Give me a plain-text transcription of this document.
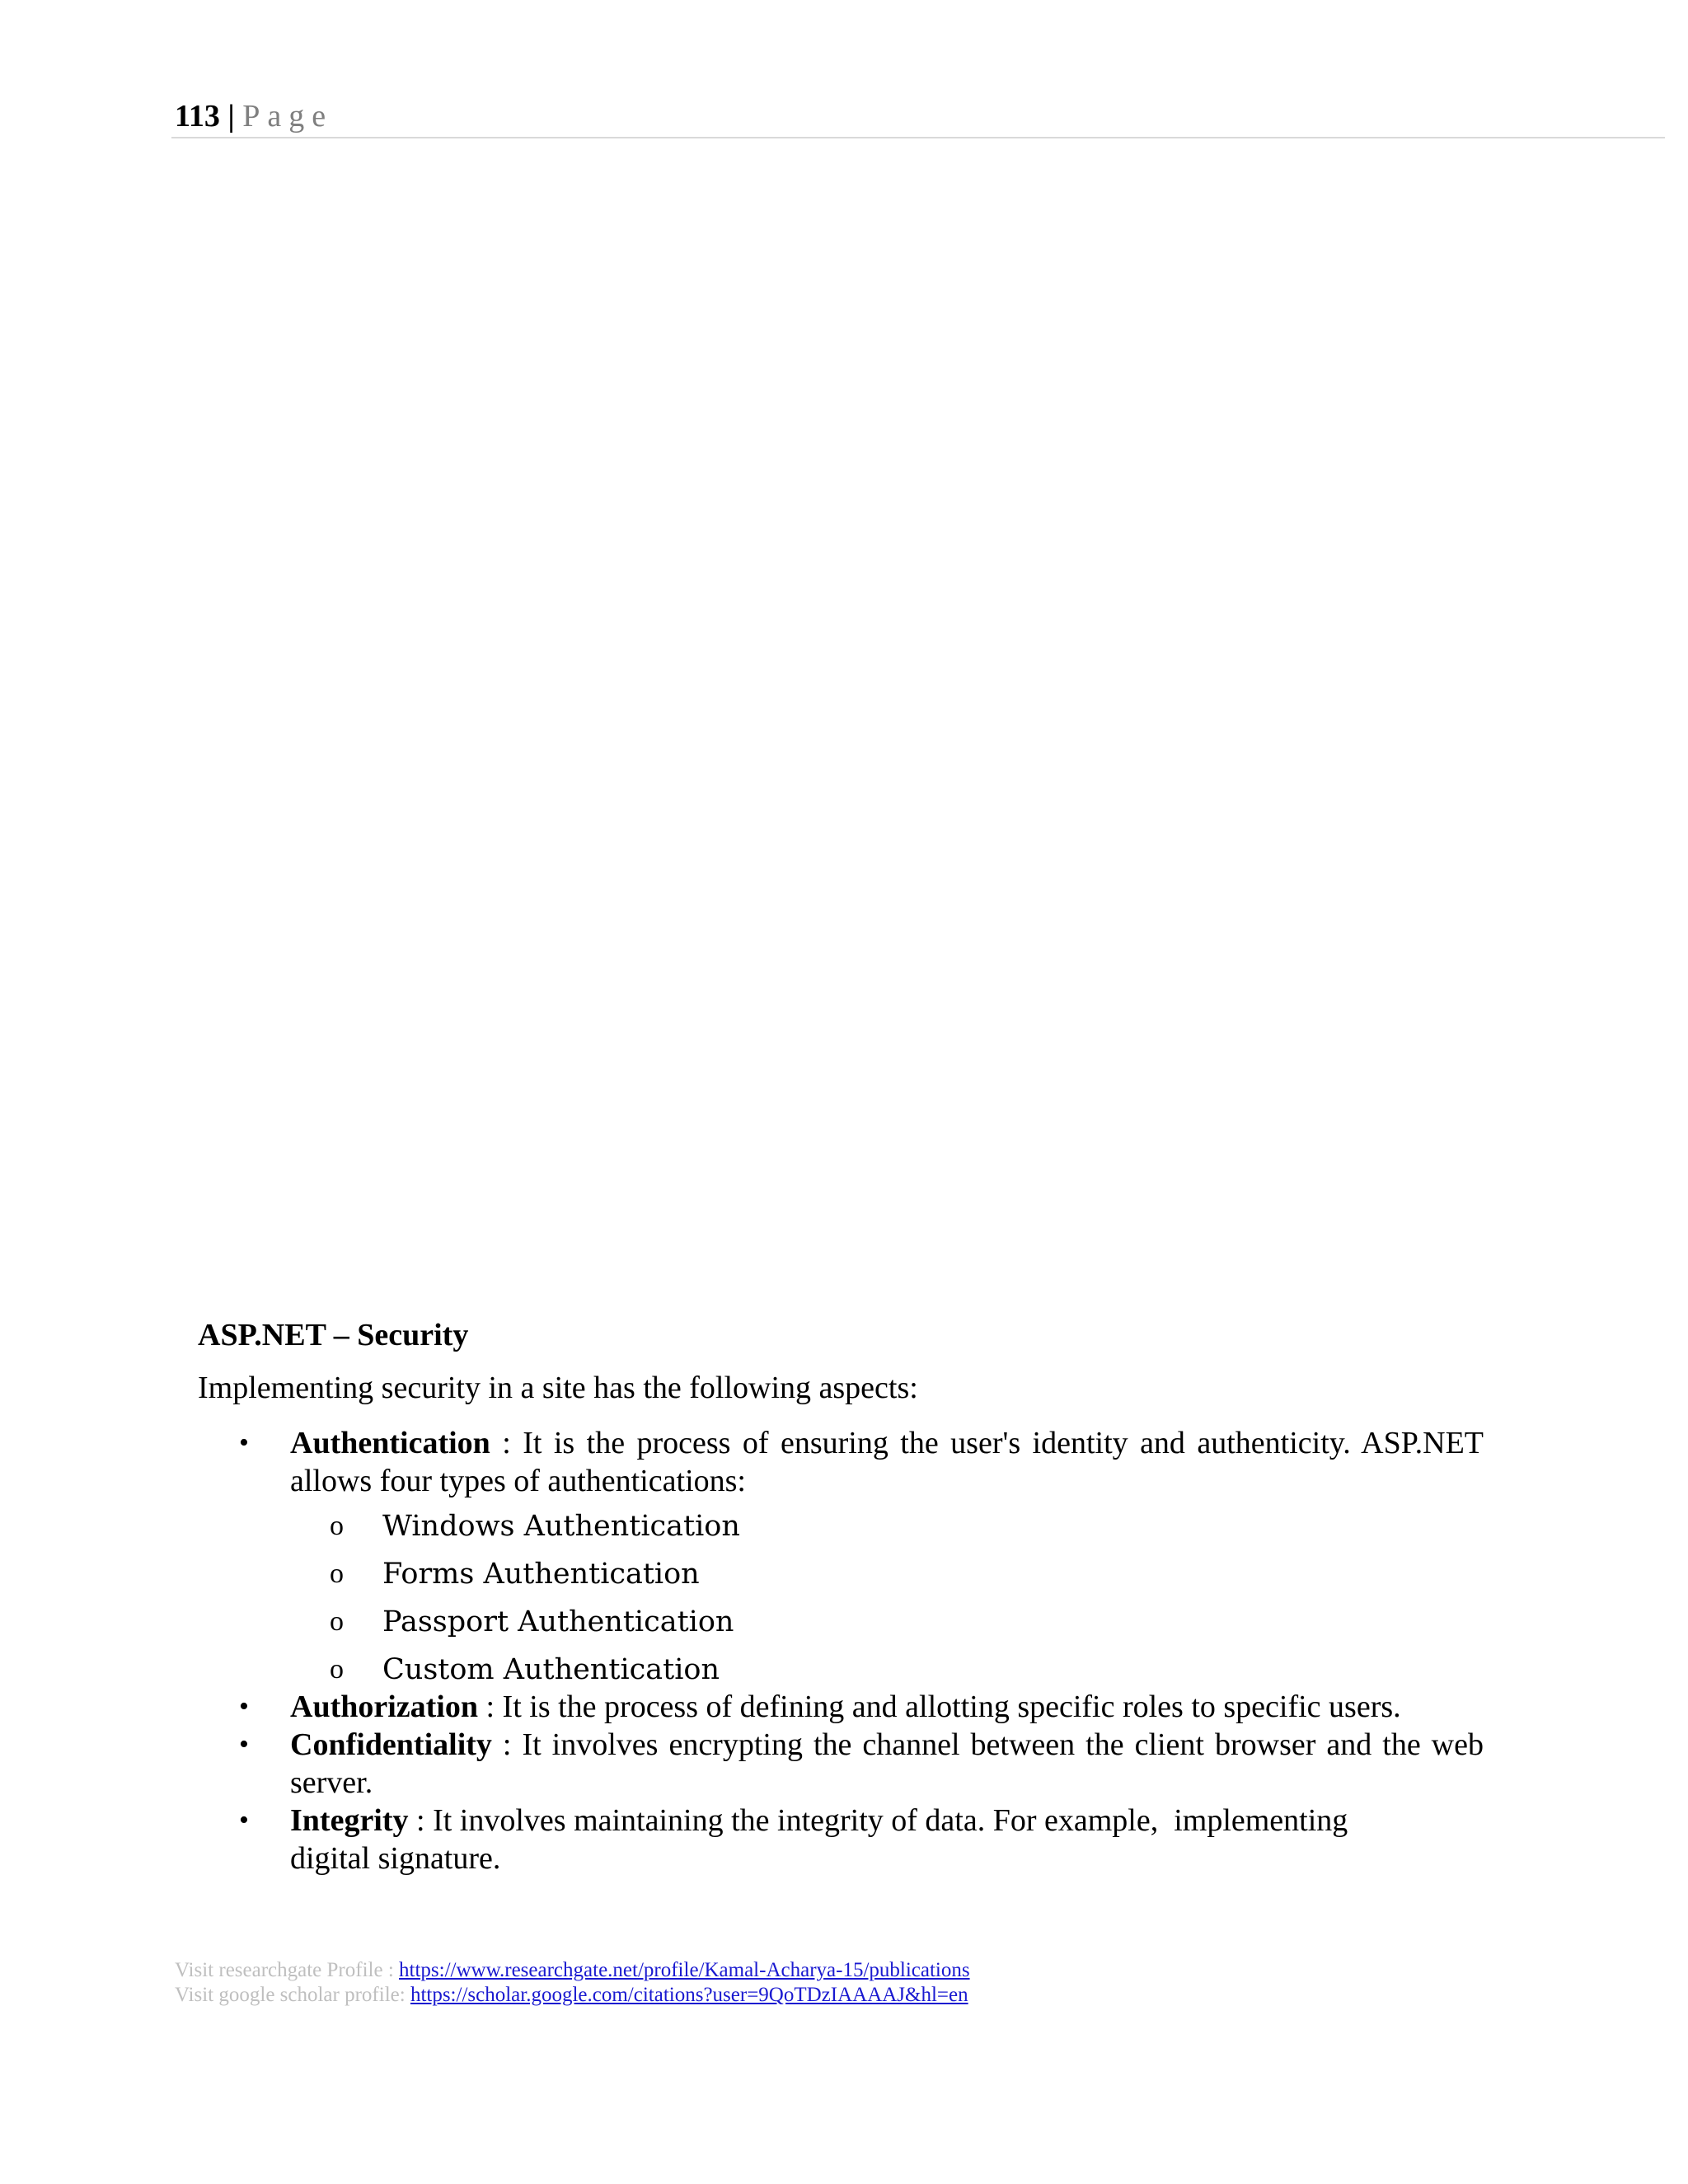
113 | Page
ASP.NET – Security
Implementing security in a site has the following aspects:
• Authentication : It is the process of ensuring the user's identity and authenticity. ASP.NET allows four types of authentications:
o Windows Authentication
o Forms Authentication
o Passport Authentication
o Custom Authentication
• Authorization : It is the process of defining and allotting specific roles to specific users.
• Confidentiality : It involves encrypting the channel between the client browser and the web server.
• Integrity : It involves maintaining the integrity of data. For example,  implementing digital signature.
Visit researchgate Profile : https://www.researchgate.net/profile/Kamal-Acharya-15/publications
Visit google scholar profile: https://scholar.google.com/citations?user=9QoTDzIAAAAJ&hl=en
